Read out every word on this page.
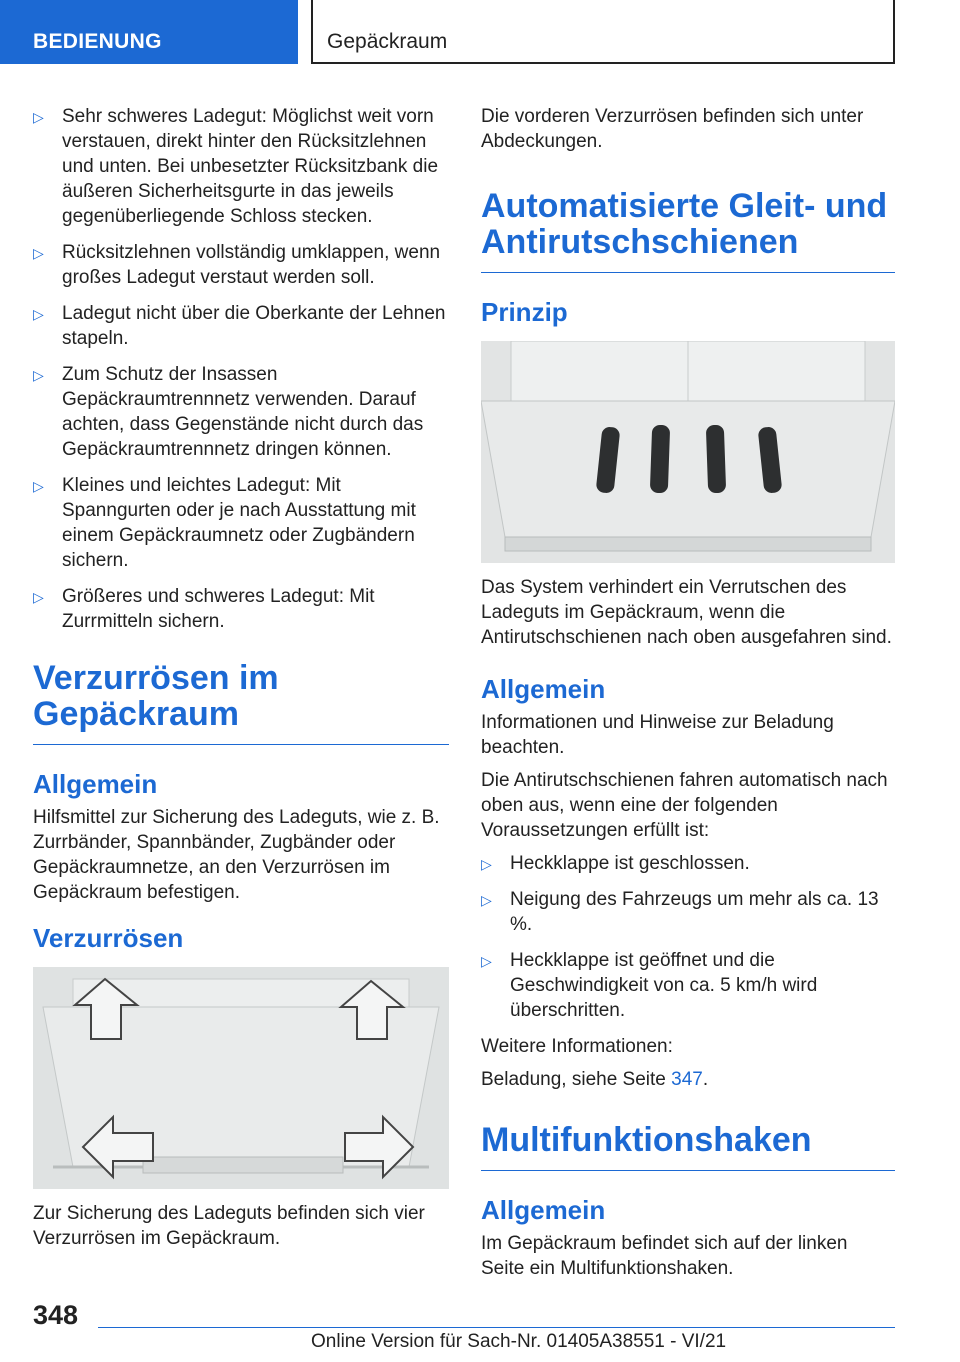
BEDIENUNG	Gepäckraum
▷ Sehr schweres Ladegut: Möglichst weit vorn verstauen, direkt hinter den Rücksitzlehnen und unten. Bei unbesetzter Rücksitzbank die äußeren Sicherheitsgurte in das jeweils gegenüberliegende Schloss stecken.
▷ Rücksitzlehnen vollständig umklappen, wenn großes Ladegut verstaut werden soll.
▷ Ladegut nicht über die Oberkante der Lehnen stapeln.
▷ Zum Schutz der Insassen Gepäckraumtrennnetz verwenden. Darauf achten, dass Gegenstände nicht durch das Gepäckraumtrennnetz dringen können.
▷ Kleines und leichtes Ladegut: Mit Spanngurten oder je nach Ausstattung mit einem Gepäckraumnetz oder Zugbändern sichern.
▷ Größeres und schweres Ladegut: Mit Zurrmitteln sichern.
Verzurrösen im Gepäckraum
Allgemein

Hilfsmittel zur Sicherung des Ladeguts, wie z. B. Zurrbänder, Spannbänder, Zugbänder oder Gepäckraumnetze, an den Verzurrösen im Gepäckraum befestigen.

Verzurrösen

Zur Sicherung des Ladeguts befinden sich vier Verzurrösen im Gepäckraum.

Die vorderen Verzurrösen befinden sich unter Abdeckungen.

Automatisierte Gleit- und Antirutschschienen
Prinzip

Das System verhindert ein Verrutschen des Ladeguts im Gepäckraum, wenn die Antirutschschienen nach oben ausgefahren sind.

Allgemein

Informationen und Hinweise zur Beladung beachten.

Die Antirutschschienen fahren automatisch nach oben aus, wenn eine der folgenden Voraussetzungen erfüllt ist:

▷ Heckklappe ist geschlossen.
▷ Neigung des Fahrzeugs um mehr als ca. 13 %.
▷ Heckklappe ist geöffnet und die Geschwindigkeit von ca. 5 km/h wird überschritten.

Weitere Informationen:

Beladung, siehe Seite 347.

Multifunktionshaken
Allgemein

Im Gepäckraum befindet sich auf der linken Seite ein Multifunktionshaken.

348
Online Version für Sach-Nr. 01405A38551 - VI/21
